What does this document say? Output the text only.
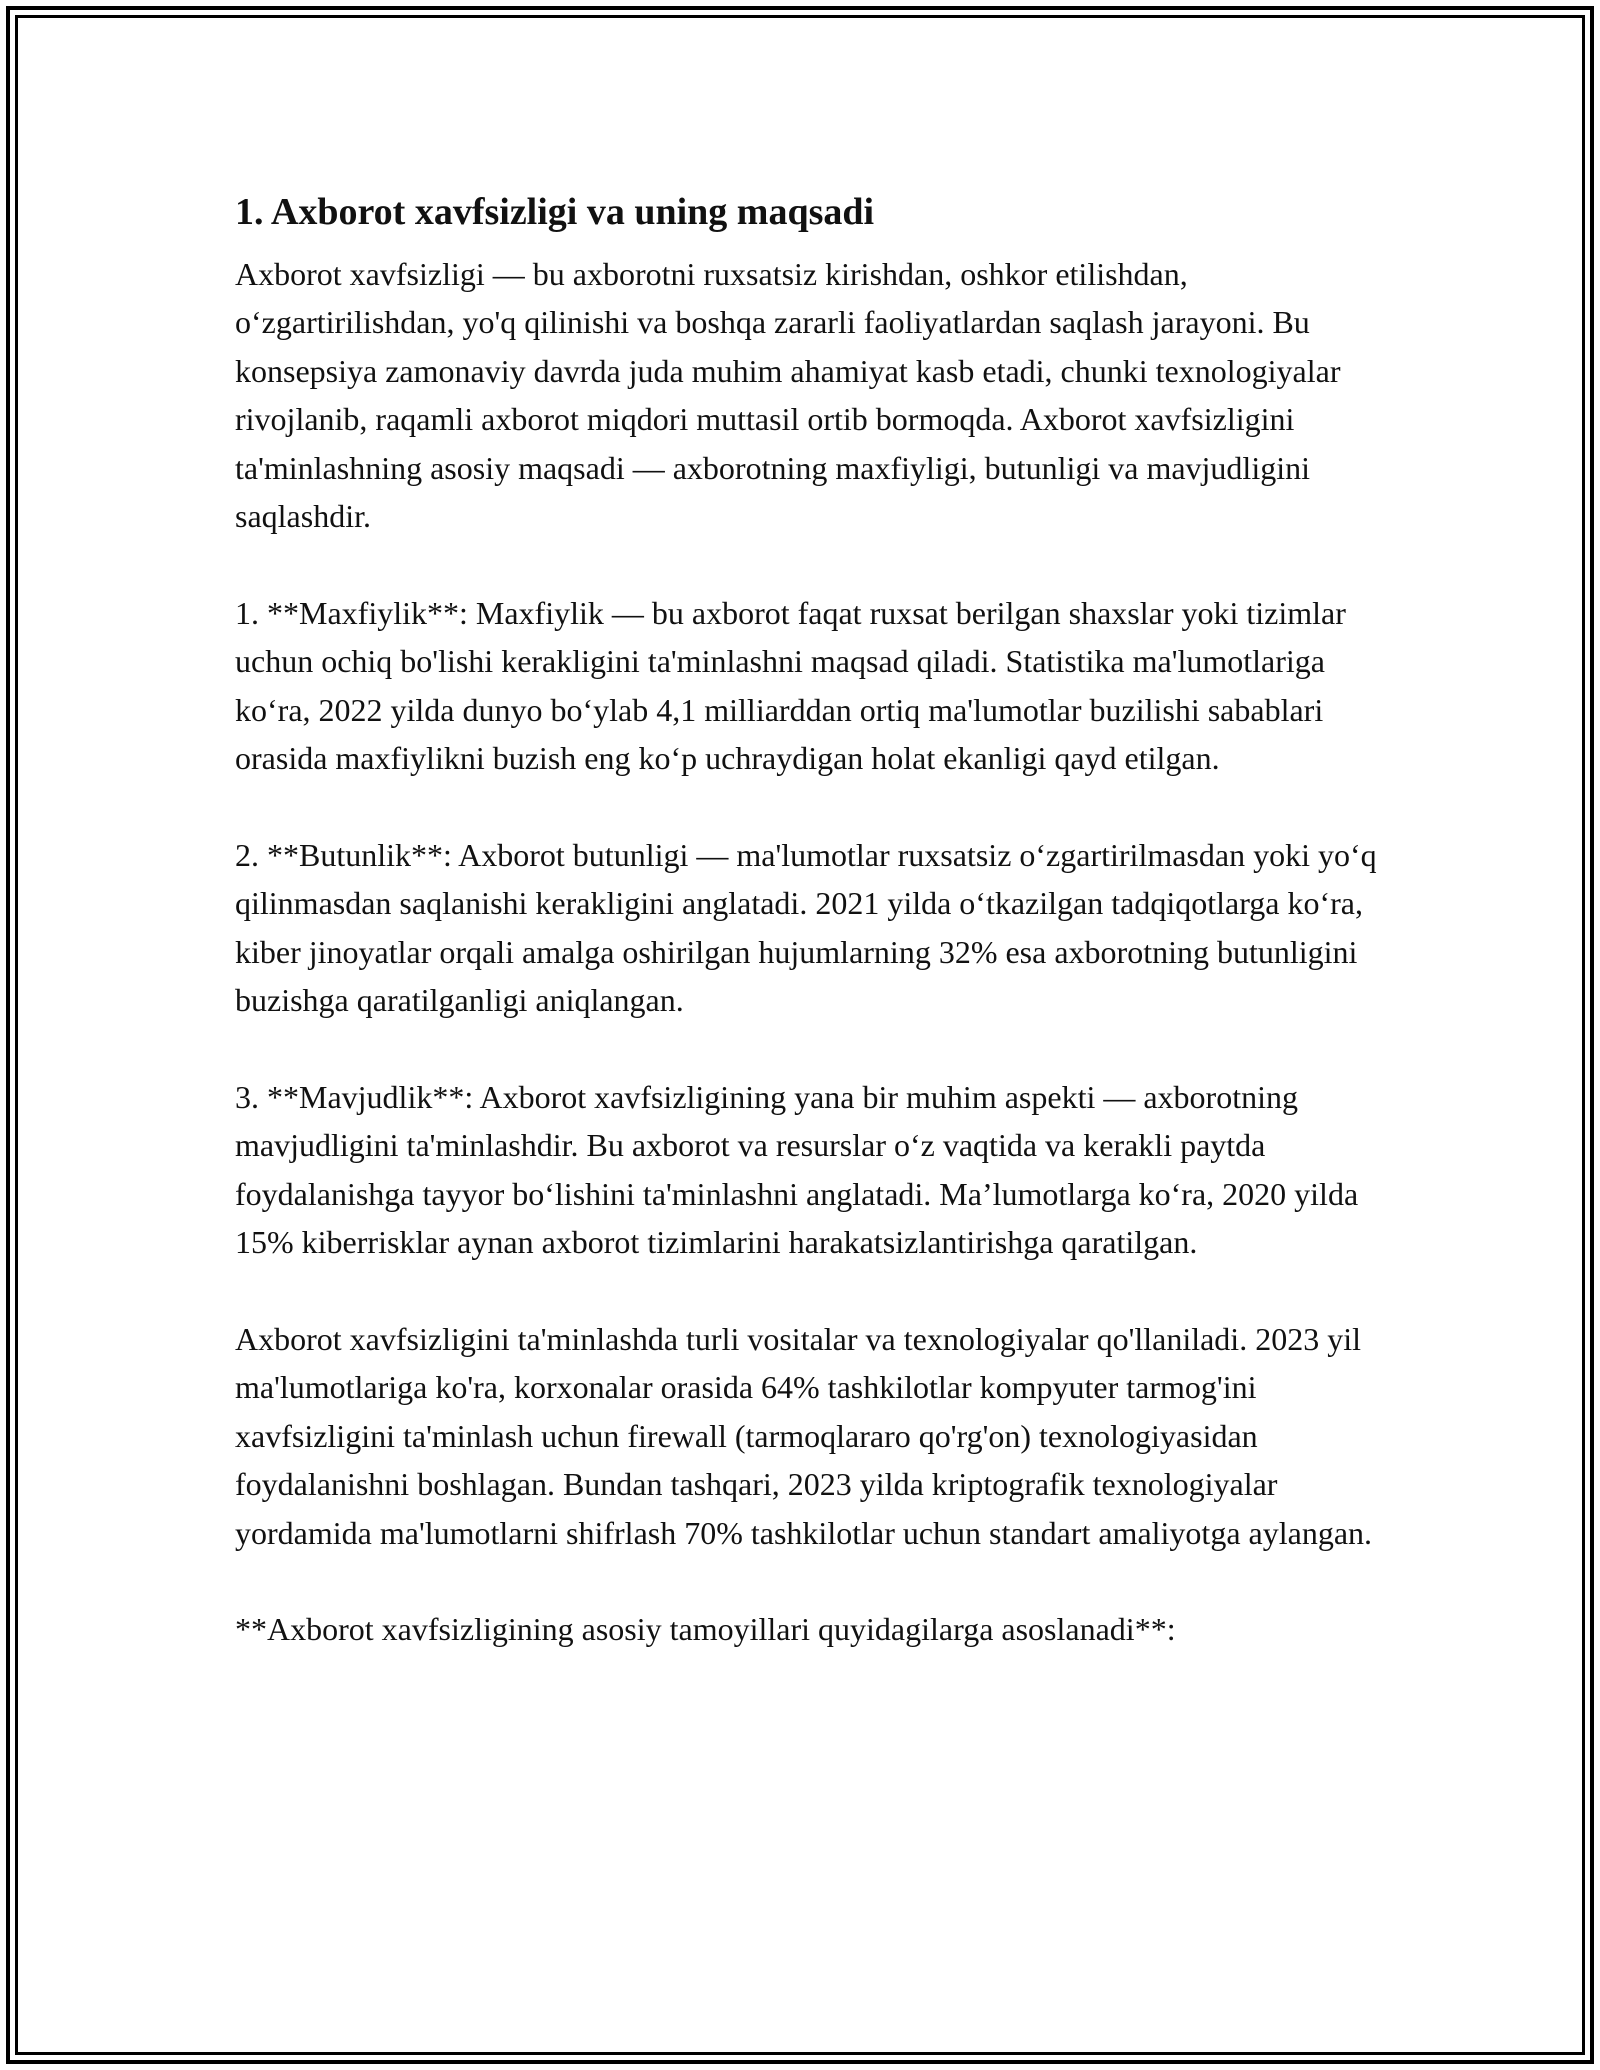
1. Axborot xavfsizligi va uning maqsadi

Axborot xavfsizligi — bu axborotni ruxsatsiz kirishdan, oshkor etilishdan, o‘zgartirilishdan, yo'q qilinishi va boshqa zararli faoliyatlardan saqlash jarayoni. Bu konsepsiya zamonaviy davrda juda muhim ahamiyat kasb etadi, chunki texnologiyalar rivojlanib, raqamli axborot miqdori muttasil ortib bormoqda. Axborot xavfsizligini ta'minlashning asosiy maqsadi — axborotning maxfiyligi, butunligi va mavjudligini saqlashdir.

1. **Maxfiylik**: Maxfiylik — bu axborot faqat ruxsat berilgan shaxslar yoki tizimlar uchun ochiq bo'lishi kerakligini ta'minlashni maqsad qiladi. Statistika ma'lumotlariga ko‘ra, 2022 yilda dunyo bo‘ylab 4,1 milliarddan ortiq ma'lumotlar buzilishi sabablari orasida maxfiylikni buzish eng ko‘p uchraydigan holat ekanligi qayd etilgan.

2. **Butunlik**: Axborot butunligi — ma'lumotlar ruxsatsiz o‘zgartirilmasdan yoki yo‘q qilinmasdan saqlanishi kerakligini anglatadi. 2021 yilda o‘tkazilgan tadqiqotlarga ko‘ra, kiber jinoyatlar orqali amalga oshirilgan hujumlarning 32% esa axborotning butunligini buzishga qaratilganligi aniqlangan.

3. **Mavjudlik**: Axborot xavfsizligining yana bir muhim aspekti — axborotning mavjudligini ta'minlashdir. Bu axborot va resurslar o‘z vaqtida va kerakli paytda foydalanishga tayyor bo‘lishini ta'minlashni anglatadi. Ma’lumotlarga ko‘ra, 2020 yilda 15% kiberrisklar aynan axborot tizimlarini harakatsizlantirishga qaratilgan.

Axborot xavfsizligini ta'minlashda turli vositalar va texnologiyalar qo'llaniladi. 2023 yil ma'lumotlariga ko'ra, korxonalar orasida 64% tashkilotlar kompyuter tarmog'ini xavfsizligini ta'minlash uchun firewall (tarmoqlararo qo'rg'on) texnologiyasidan foydalanishni boshlagan. Bundan tashqari, 2023 yilda kriptografik texnologiyalar yordamida ma'lumotlarni shifrlash 70% tashkilotlar uchun standart amaliyotga aylangan.

**Axborot xavfsizligining asosiy tamoyillari quyidagilarga asoslanadi**:
